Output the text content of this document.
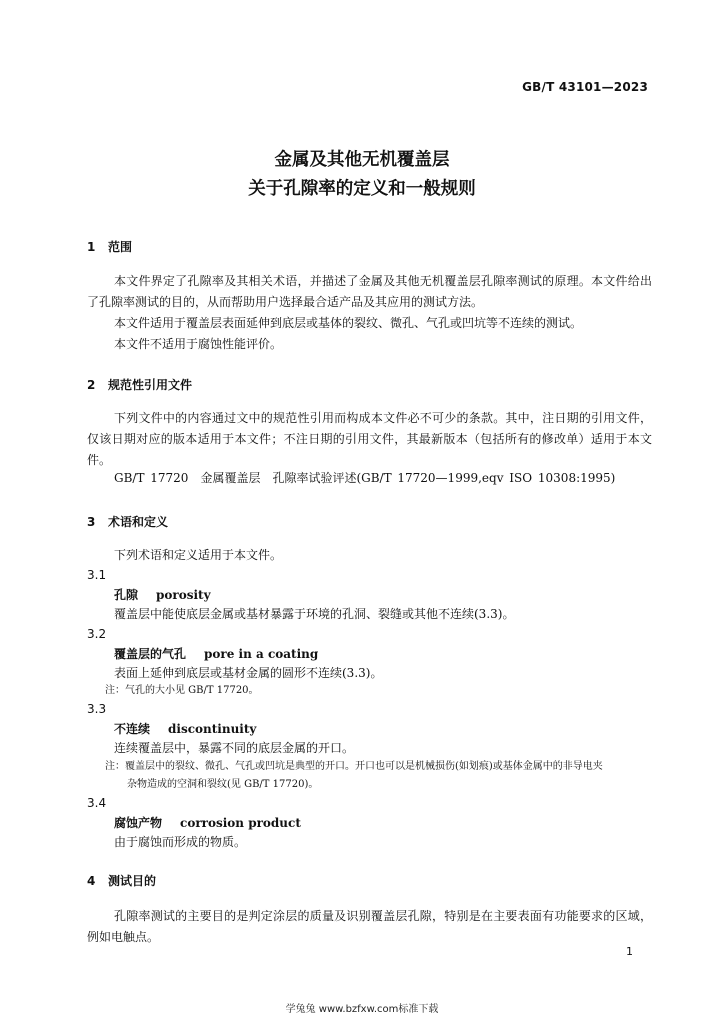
GB/T 43101—2023
金属及其他无机覆盖层
关于孔隙率的定义和一般规则
1 范围
本文件界定了孔隙率及其相关术语，并描述了金属及其他无机覆盖层孔隙率测试的原理。本文件给出了孔隙率测试的目的，从而帮助用户选择最合适产品及其应用的测试方法。
本文件适用于覆盖层表面延伸到底层或基体的裂纹、微孔、气孔或凹坑等不连续的测试。
本文件不适用于腐蚀性能评价。
2 规范性引用文件
下列文件中的内容通过文中的规范性引用而构成本文件必不可少的条款。其中，注日期的引用文件，仅该日期对应的版本适用于本文件；不注日期的引用文件，其最新版本（包括所有的修改单）适用于本文件。
GB/T 17720　金属覆盖层　孔隙率试验评述(GB/T 17720—1999,eqv ISO 10308:1995)
3 术语和定义
下列术语和定义适用于本文件。
3.1
孔隙 porosity
覆盖层中能使底层金属或基材暴露于环境的孔洞、裂缝或其他不连续(3.3)。
3.2
覆盖层的气孔 pore in a coating
表面上延伸到底层或基材金属的圆形不连续(3.3)。
注：气孔的大小见 GB/T 17720。
3.3
不连续 discontinuity
连续覆盖层中，暴露不同的底层金属的开口。
注：覆盖层中的裂纹、微孔、气孔或凹坑是典型的开口。开口也可以是机械损伤(如划痕)或基体金属中的非导电夹
杂物造成的空洞和裂纹(见 GB/T 17720)。
3.4
腐蚀产物 corrosion product
由于腐蚀而形成的物质。
4 测试目的
孔隙率测试的主要目的是判定涂层的质量及识别覆盖层孔隙，特别是在主要表面有功能要求的区域，例如电触点。
1
学兔兔 www.bzfxw.com标准下载
